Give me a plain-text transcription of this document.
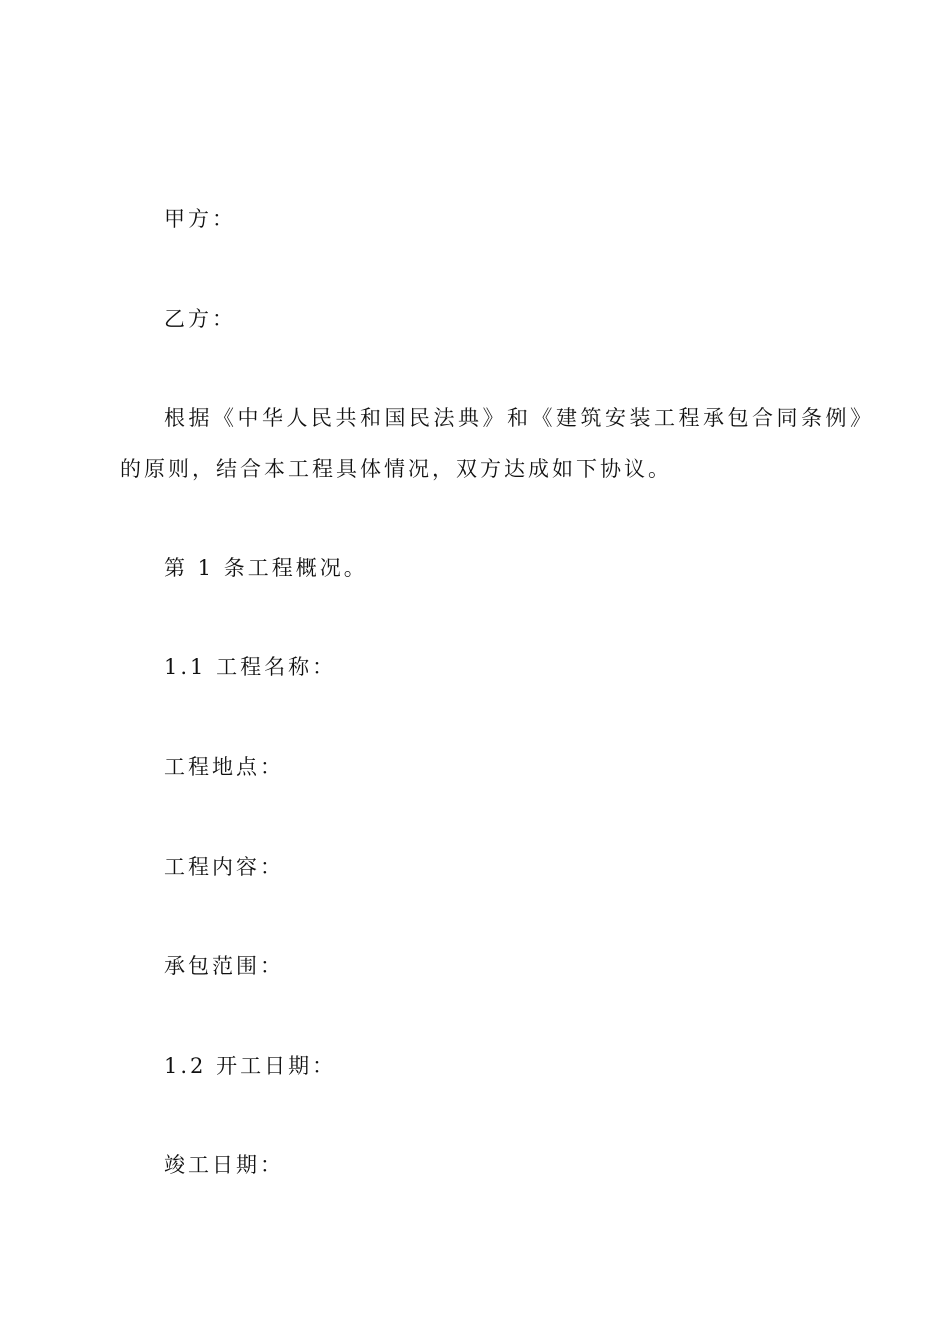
甲方：
乙方：
根据《中华人民共和国民法典》和《建筑安装工程承包合同条例》
的原则，结合本工程具体情况，双方达成如下协议。
第 1 条工程概况。
1.1 工程名称：
工程地点：
工程内容：
承包范围：
1.2 开工日期：
竣工日期：
